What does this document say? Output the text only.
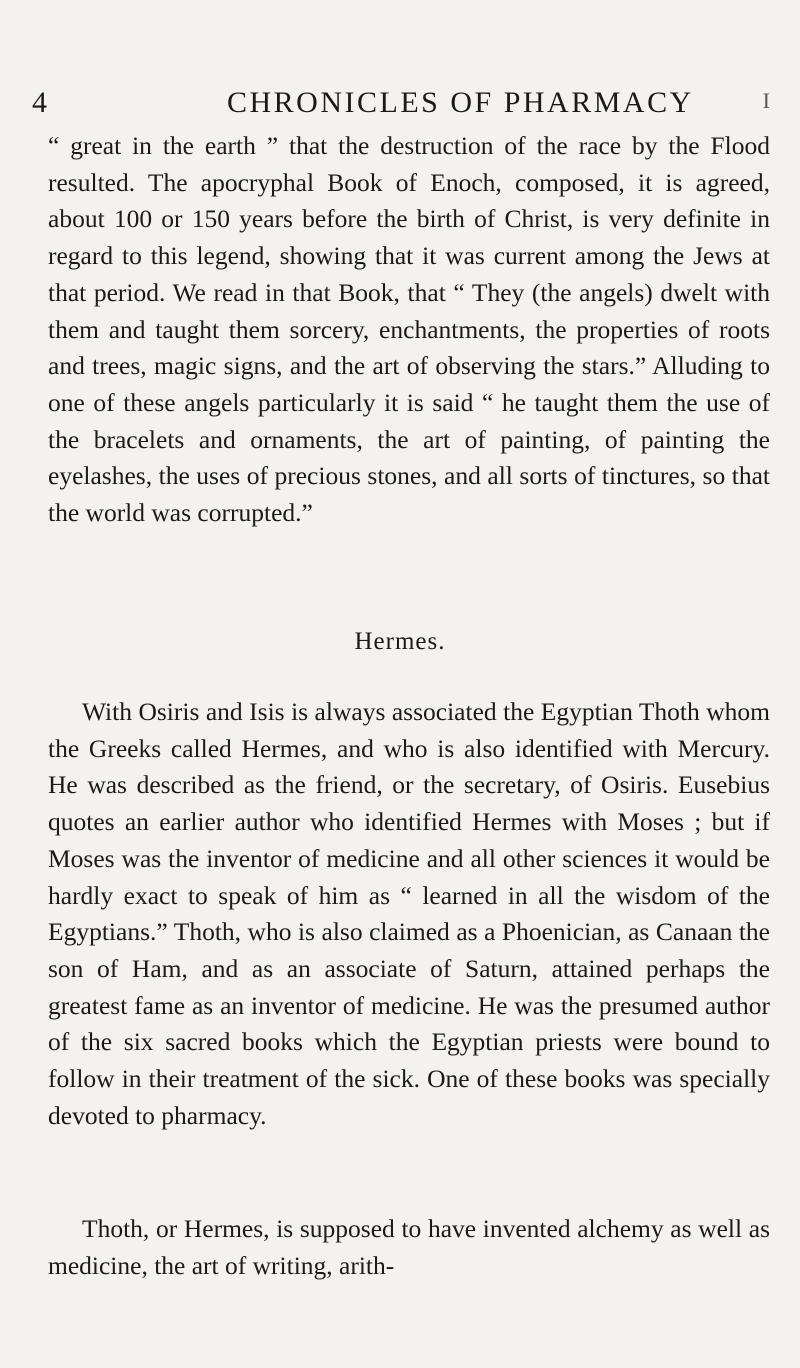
4	CHRONICLES OF PHARMACY	I

“ great in the earth ” that the destruction of the race by the Flood resulted. The apocryphal Book of Enoch, composed, it is agreed, about 100 or 150 years before the birth of Christ, is very definite in regard to this legend, showing that it was current among the Jews at that period. We read in that Book, that “ They (the angels) dwelt with them and taught them sorcery, enchantments, the properties of roots and trees, magic signs, and the art of observing the stars.” Alluding to one of these angels particularly it is said “ he taught them the use of the bracelets and ornaments, the art of painting, of painting the eyelashes, the uses of precious stones, and all sorts of tinctures, so that the world was corrupted.”

Hermes.

With Osiris and Isis is always associated the Egyptian Thoth whom the Greeks called Hermes, and who is also identified with Mercury. He was described as the friend, or the secretary, of Osiris. Eusebius quotes an earlier author who identified Hermes with Moses ; but if Moses was the inventor of medicine and all other sciences it would be hardly exact to speak of him as “ learned in all the wisdom of the Egyptians.” Thoth, who is also claimed as a Phoenician, as Canaan the son of Ham, and as an associate of Saturn, attained perhaps the greatest fame as an inventor of medicine. He was the presumed author of the six sacred books which the Egyptian priests were bound to follow in their treatment of the sick. One of these books was specially devoted to pharmacy.

Thoth, or Hermes, is supposed to have invented alchemy as well as medicine, the art of writing, arith-
